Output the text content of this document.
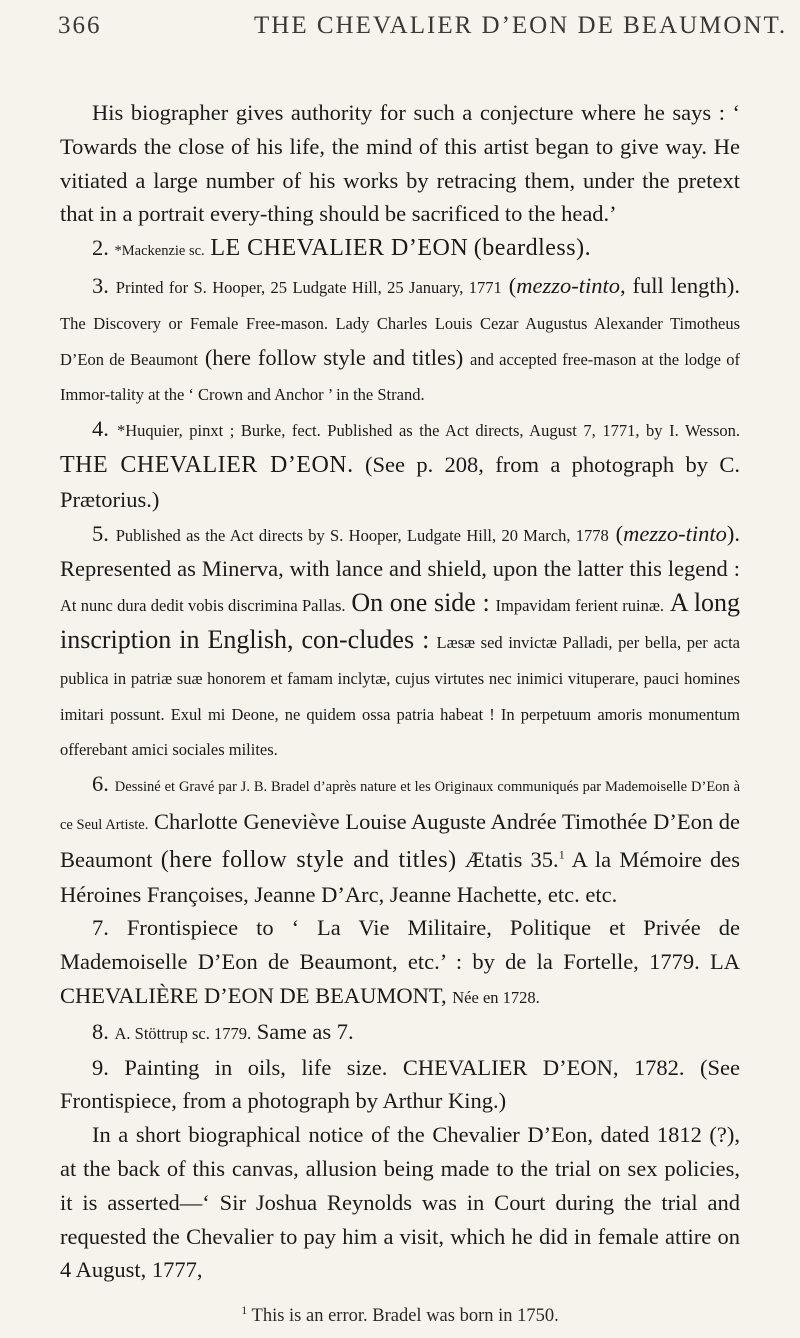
366	THE CHEVALIER D’EON DE BEAUMONT.

His biographer gives authority for such a conjecture where he says : ‘ Towards the close of his life, the mind of this artist began to give way. He vitiated a large number of his works by retracing them, under the pretext that in a portrait every-thing should be sacrificed to the head.’

2. *Mackenzie sc. LE CHEVALIER D’EON (beardless).

3. Printed for S. Hooper, 25 Ludgate Hill, 25 January, 1771 (mezzo-tinto, full length). The Discovery or Female Free-mason. Lady Charles Louis Cezar Augustus Alexander Timotheus D’Eon de Beaumont (here follow style and titles) and accepted free-mason at the lodge of Immor-tality at the ‘ Crown and Anchor ’ in the Strand.

4. *Huquier, pinxt ; Burke, fect. Published as the Act directs, August 7, 1771, by I. Wesson. THE CHEVALIER D’EON. (See p. 208, from a photograph by C. Prætorius.)

5. Published as the Act directs by S. Hooper, Ludgate Hill, 20 March, 1778 (mezzo-tinto). Represented as Minerva, with lance and shield, upon the latter this legend : At nunc dura dedit vobis discrimina Pallas. On one side : Impavidam ferient ruinæ. A long inscription in English, con-cludes : Læsæ sed invictæ Palladi, per bella, per acta publica in patriæ suæ honorem et famam inclytæ, cujus virtutes nec inimici vituperare, pauci homines imitari possunt. Exul mi Deone, ne quidem ossa patria habeat ! In perpetuum amoris monumentum offerebant amici sociales milites.

6. Dessiné et Gravé par J. B. Bradel d’après nature et les Originaux communiqués par Mademoiselle D’Eon à ce Seul Artiste. Charlotte Geneviève Louise Auguste Andrée Timothée D’Eon de Beaumont (here follow style and titles) Ætatis 35.$^1$ A la Mémoire des Héroines Françoises, Jeanne D’Arc, Jeanne Hachette, etc. etc.

7. Frontispiece to ‘ La Vie Militaire, Politique et Privée de Mademoiselle D’Eon de Beaumont, etc.’ : by de la Fortelle, 1779. LA CHEVALIÈRE D’EON DE BEAUMONT, Née en 1728.

8. A. Stöttrup sc. 1779. Same as 7.

9. Painting in oils, life size. CHEVALIER D’EON, 1782. (See Frontispiece, from a photograph by Arthur King.)

In a short biographical notice of the Chevalier D’Eon, dated 1812 (?), at the back of this canvas, allusion being made to the trial on sex policies, it is asserted—‘ Sir Joshua Reynolds was in Court during the trial and requested the Chevalier to pay him a visit, which he did in female attire on 4 August, 1777,

$^1$ This is an error. Bradel was born in 1750.
